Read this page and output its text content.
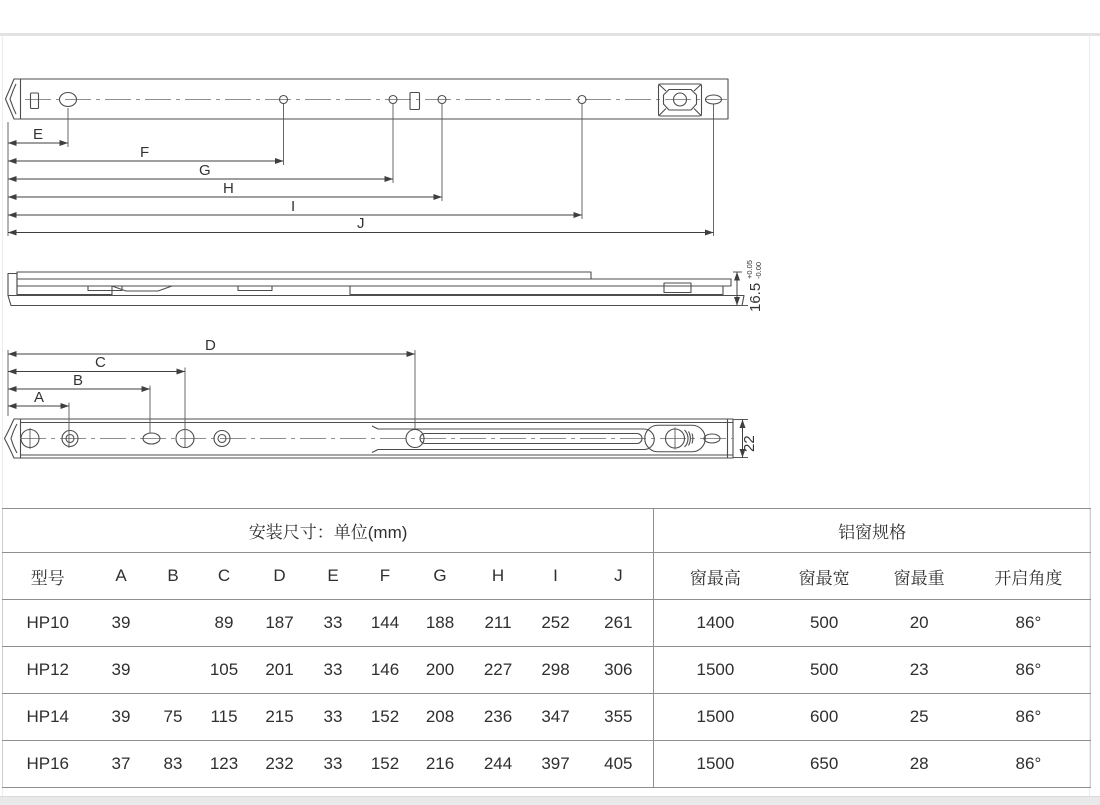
E
F
G
H
I
J
16.5
+0.05 -0.00
D
C
B
A
22
安装尺寸：单位(mm)											铝窗规格			
型号	A	B	C	D	E	F	G	H	I	J	窗最高	窗最宽	窗最重	开启角度
HP10	39		89	187	33	144	188	211	252	261	1400	500	20	86°
HP12	39		105	201	33	146	200	227	298	306	1500	500	23	86°
HP14	39	75	115	215	33	152	208	236	347	355	1500	600	25	86°
HP16	37	83	123	232	33	152	216	244	397	405	1500	650	28	86°
